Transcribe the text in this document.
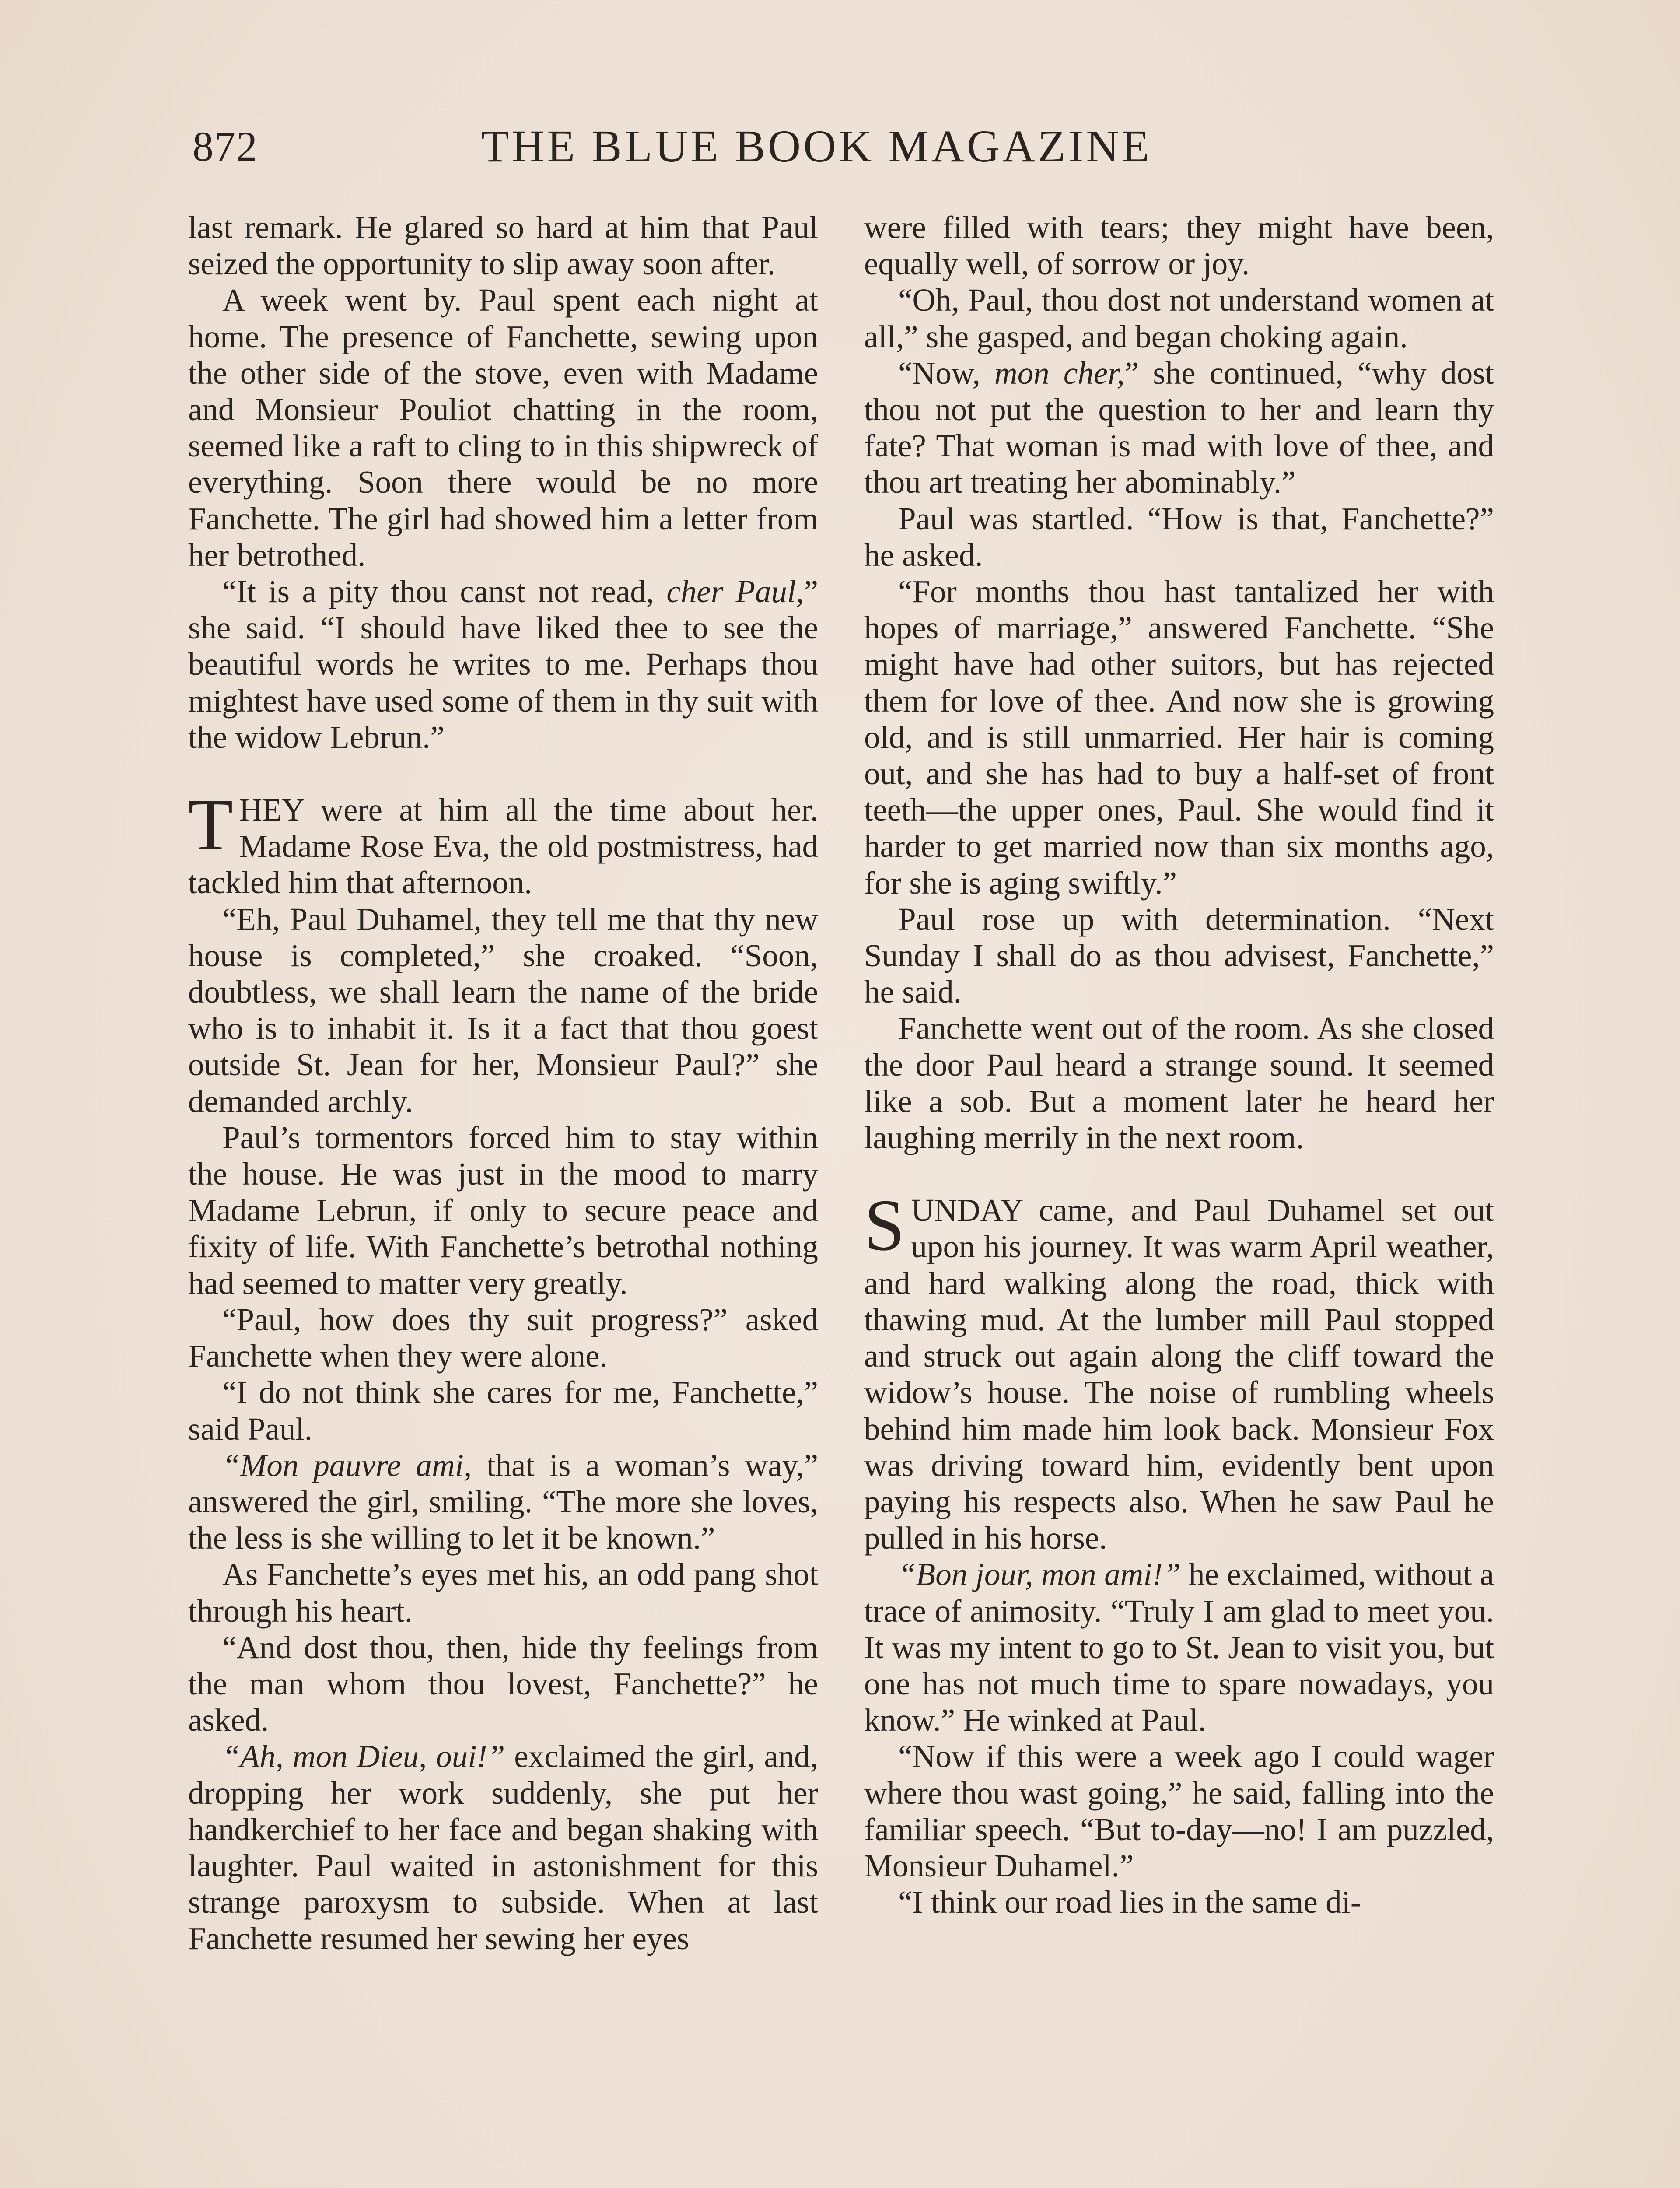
872	THE BLUE BOOK MAGAZINE

last remark. He glared so hard at him that Paul seized the opportunity to slip away soon after.

A week went by. Paul spent each night at home. The presence of Fanchette, sewing upon the other side of the stove, even with Madame and Monsieur Pouliot chatting in the room, seemed like a raft to cling to in this shipwreck of everything. Soon there would be no more Fanchette. The girl had showed him a letter from her betrothed.

“It is a pity thou canst not read, cher Paul,” she said. “I should have liked thee to see the beautiful words he writes to me. Perhaps thou mightest have used some of them in thy suit with the widow Lebrun.”

THEY were at him all the time about her. Madame Rose Eva, the old postmistress, had tackled him that afternoon.

“Eh, Paul Duhamel, they tell me that thy new house is completed,” she croaked. “Soon, doubtless, we shall learn the name of the bride who is to inhabit it. Is it a fact that thou goest outside St. Jean for her, Monsieur Paul?” she demanded archly.

Paul’s tormentors forced him to stay within the house. He was just in the mood to marry Madame Lebrun, if only to secure peace and fixity of life. With Fanchette’s betrothal nothing had seemed to matter very greatly.

“Paul, how does thy suit progress?” asked Fanchette when they were alone.

“I do not think she cares for me, Fanchette,” said Paul.

“Mon pauvre ami, that is a woman’s way,” answered the girl, smiling. “The more she loves, the less is she willing to let it be known.”

As Fanchette’s eyes met his, an odd pang shot through his heart.

“And dost thou, then, hide thy feelings from the man whom thou lovest, Fanchette?” he asked.

“Ah, mon Dieu, oui!” exclaimed the girl, and, dropping her work suddenly, she put her handkerchief to her face and began shaking with laughter. Paul waited in astonishment for this strange paroxysm to subside. When at last Fanchette resumed her sewing her eyes

were filled with tears; they might have been, equally well, of sorrow or joy.

“Oh, Paul, thou dost not understand women at all,” she gasped, and began choking again.

“Now, mon cher,” she continued, “why dost thou not put the question to her and learn thy fate? That woman is mad with love of thee, and thou art treating her abominably.”

Paul was startled. “How is that, Fanchette?” he asked.

“For months thou hast tantalized her with hopes of marriage,” answered Fanchette. “She might have had other suitors, but has rejected them for love of thee. And now she is growing old, and is still unmarried. Her hair is coming out, and she has had to buy a half-set of front teeth—the upper ones, Paul. She would find it harder to get married now than six months ago, for she is aging swiftly.”

Paul rose up with determination. “Next Sunday I shall do as thou advisest, Fanchette,” he said.

Fanchette went out of the room. As she closed the door Paul heard a strange sound. It seemed like a sob. But a moment later he heard her laughing merrily in the next room.

SUNDAY came, and Paul Duhamel set out upon his journey. It was warm April weather, and hard walking along the road, thick with thawing mud. At the lumber mill Paul stopped and struck out again along the cliff toward the widow’s house. The noise of rumbling wheels behind him made him look back. Monsieur Fox was driving toward him, evidently bent upon paying his respects also. When he saw Paul he pulled in his horse.

“Bon jour, mon ami!” he exclaimed, without a trace of animosity. “Truly I am glad to meet you. It was my intent to go to St. Jean to visit you, but one has not much time to spare nowadays, you know.” He winked at Paul.

“Now if this were a week ago I could wager where thou wast going,” he said, falling into the familiar speech. “But to-day—no! I am puzzled, Monsieur Duhamel.”

“I think our road lies in the same di-
